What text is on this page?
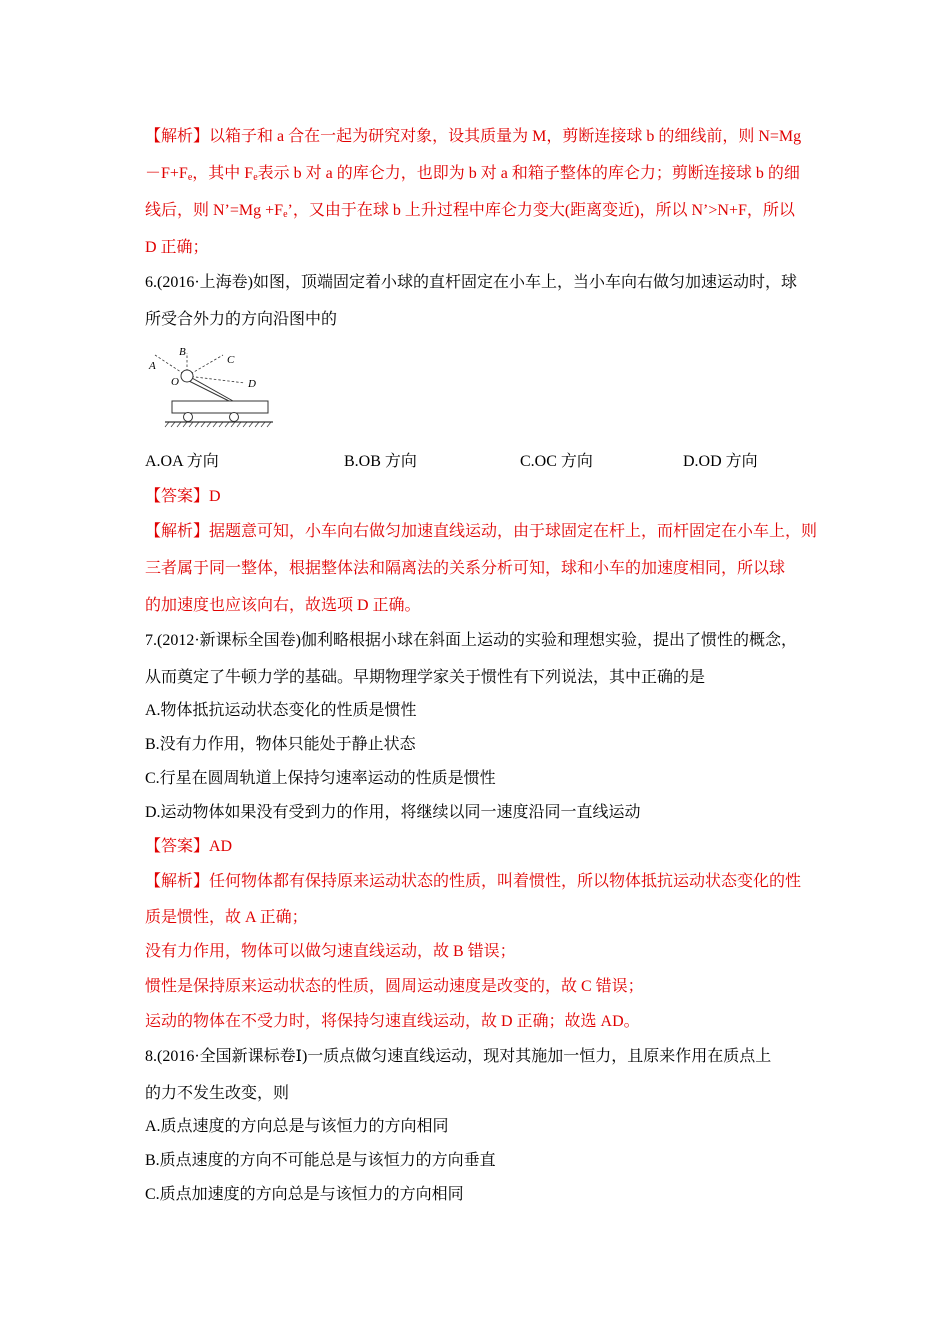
【解析】以箱子和 a 合在一起为研究对象，设其质量为 M，剪断连接球 b 的细线前，则 N=Mg
$-F+F_e$，其中 $F_e$表示 b 对 a 的库仑力，也即为 b 对 a 和箱子整体的库仑力；剪断连接球 b 的细
线后，则 N’=Mg $+F_e$’，又由于在球 b 上升过程中库仑力变大(距离变近)，所以 N’>N+F，所以
D 正确；
6.(2016·上海卷)如图，顶端固定着小球的直杆固定在小车上，当小车向右做匀加速运动时，球
所受合外力的方向沿图中的
A
B
C
D
O
A.OA 方向	B.OB 方向	C.OC 方向	D.OD 方向
【答案】D
【解析】据题意可知，小车向右做匀加速直线运动，由于球固定在杆上，而杆固定在小车上，则
三者属于同一整体，根据整体法和隔离法的关系分析可知，球和小车的加速度相同，所以球
的加速度也应该向右，故选项 D 正确。
7.(2012·新课标全国卷)伽利略根据小球在斜面上运动的实验和理想实验，提出了惯性的概念，
从而奠定了牛顿力学的基础。早期物理学家关于惯性有下列说法，其中正确的是
A.物体抵抗运动状态变化的性质是惯性
B.没有力作用，物体只能处于静止状态
C.行星在圆周轨道上保持匀速率运动的性质是惯性
D.运动物体如果没有受到力的作用，将继续以同一速度沿同一直线运动
【答案】AD
【解析】任何物体都有保持原来运动状态的性质，叫着惯性，所以物体抵抗运动状态变化的性
质是惯性，故 A 正确；
没有力作用，物体可以做匀速直线运动，故 B 错误；
惯性是保持原来运动状态的性质，圆周运动速度是改变的，故 C 错误；
运动的物体在不受力时，将保持匀速直线运动，故 D 正确；故选 AD。
8.(2016·全国新课标卷Ⅰ)一质点做匀速直线运动，现对其施加一恒力，且原来作用在质点上
的力不发生改变，则
A.质点速度的方向总是与该恒力的方向相同
B.质点速度的方向不可能总是与该恒力的方向垂直
C.质点加速度的方向总是与该恒力的方向相同
